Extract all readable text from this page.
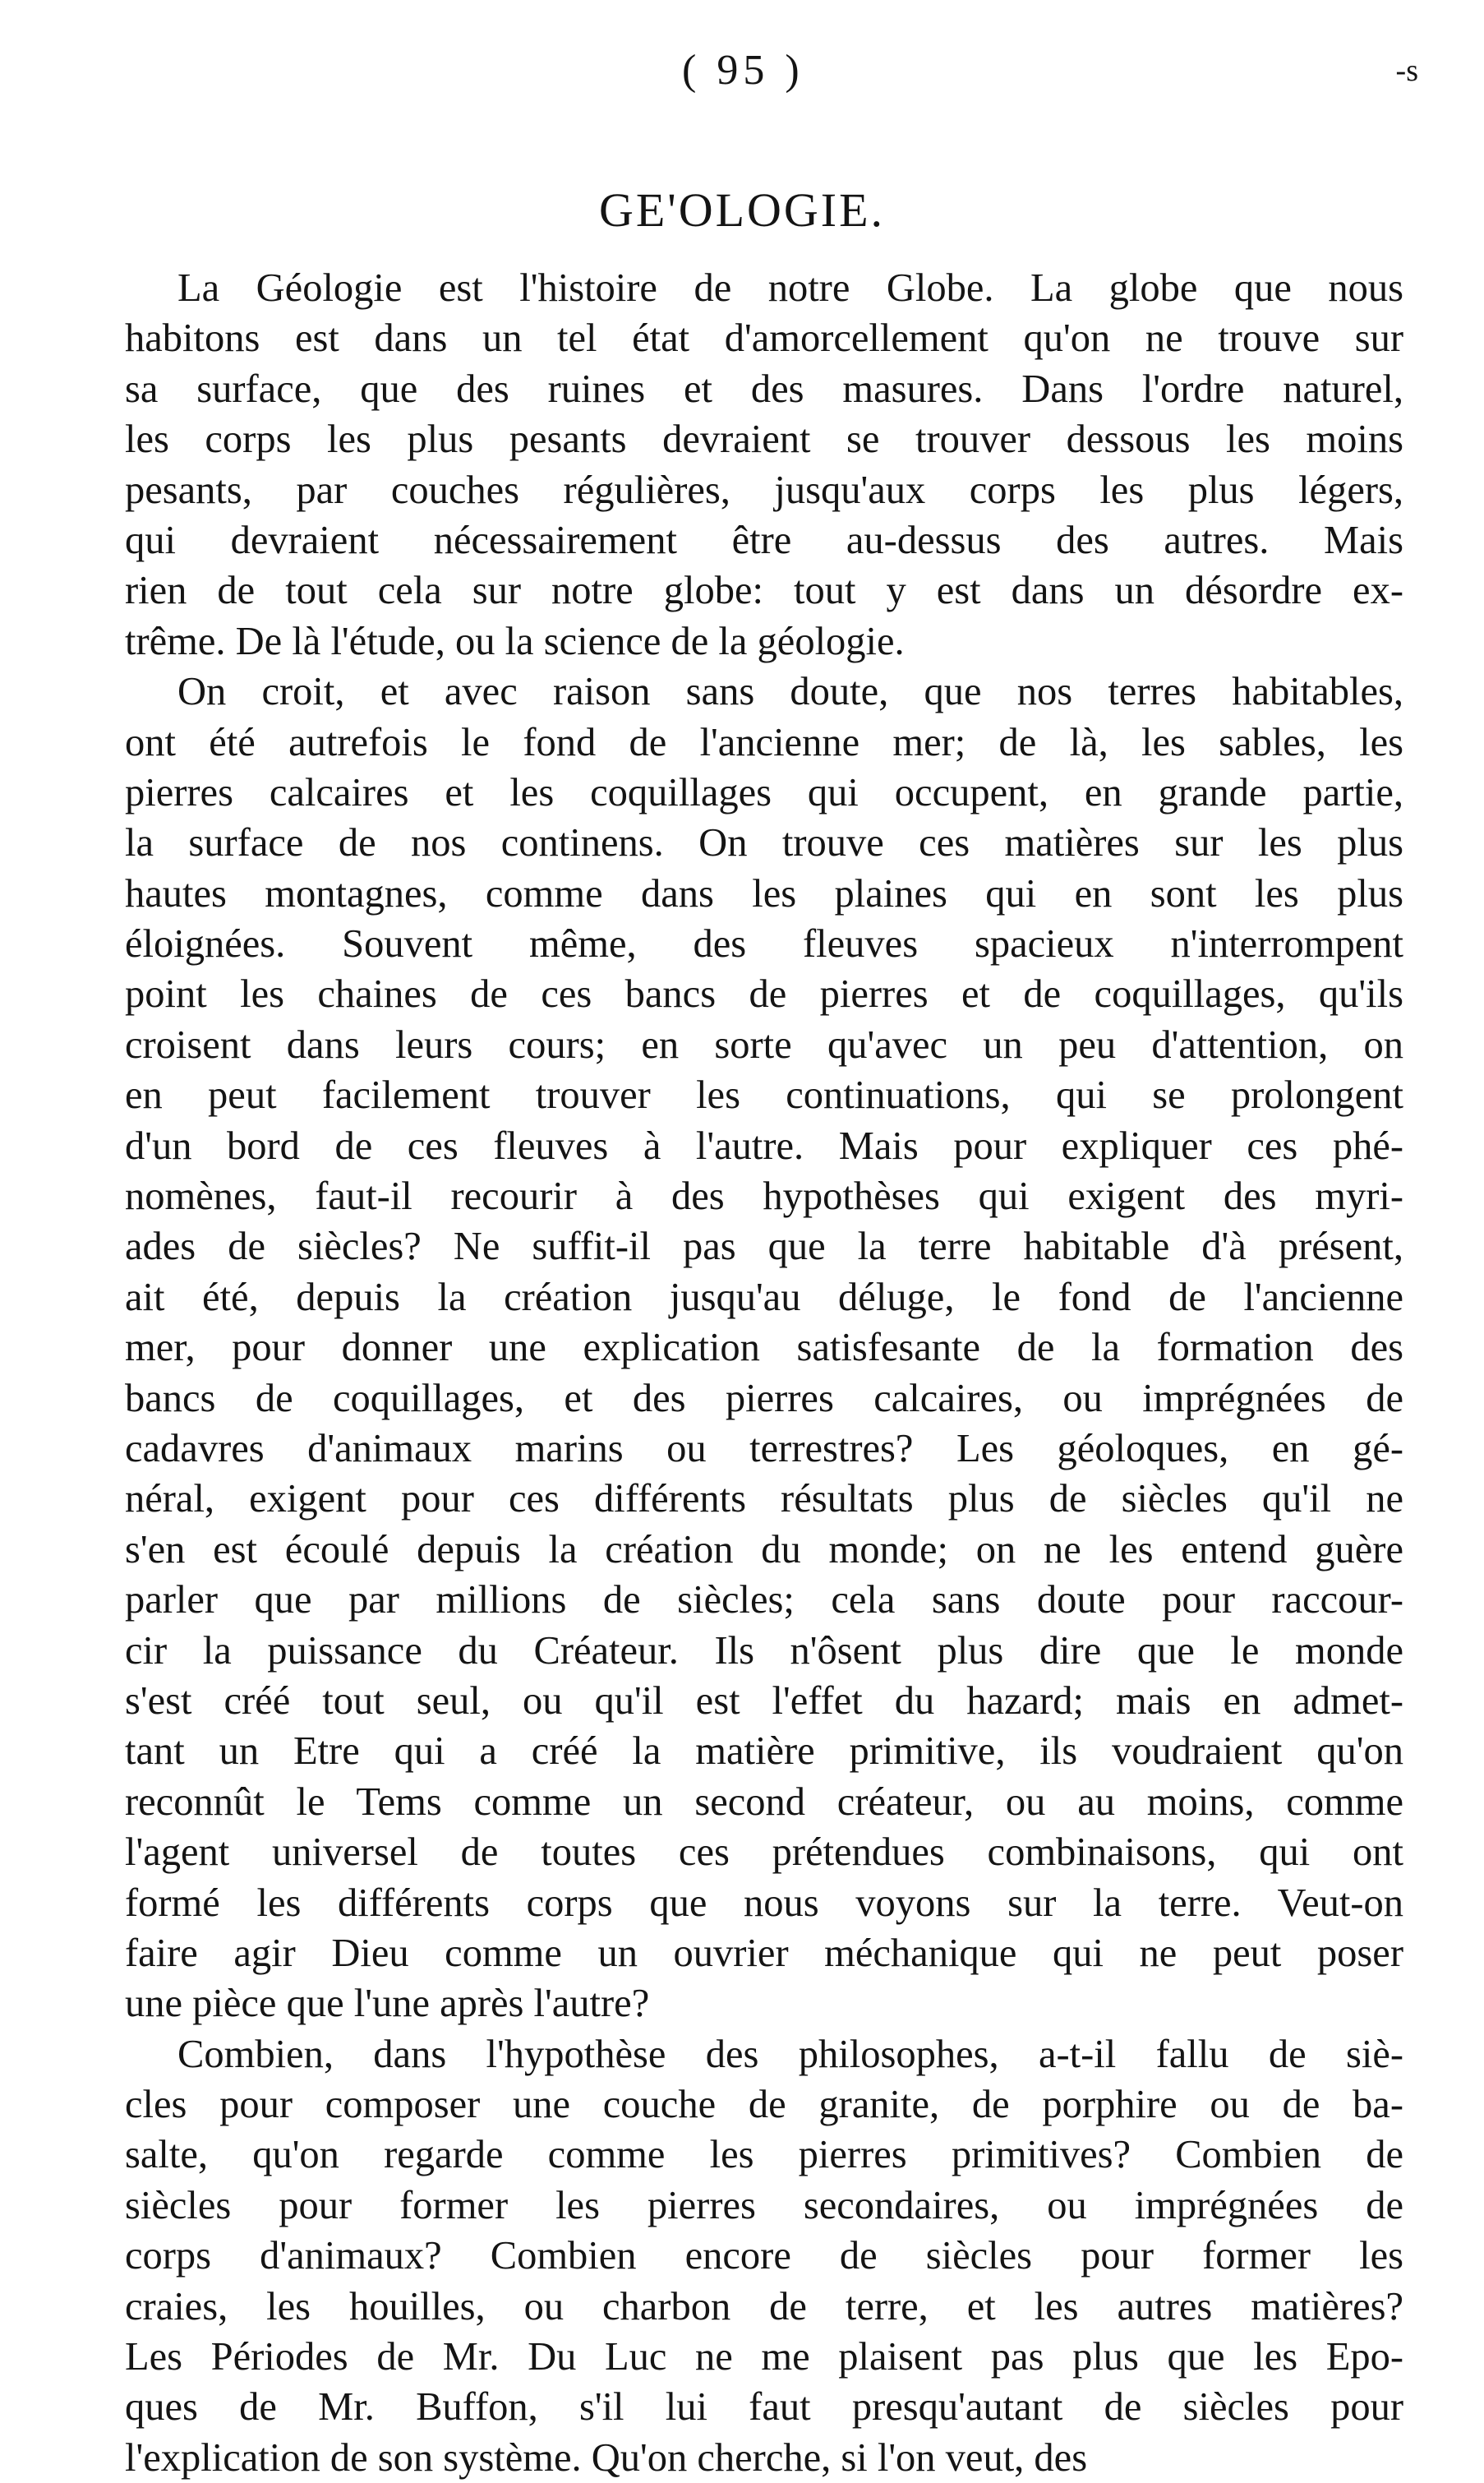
( 95 )	-s
GE'OLOGIE.
La Géologie est l'histoire de notre Globe. La globe que nous
habitons est dans un tel état d'amorcellement qu'on ne trouve sur
sa surface, que des ruines et des masures. Dans l'ordre naturel,
les corps les plus pesants devraient se trouver dessous les moins
pesants, par couches régulières, jusqu'aux corps les plus légers,
qui devraient nécessairement être au-dessus des autres. Mais
rien de tout cela sur notre globe: tout y est dans un désordre ex-
trême. De là l'étude, ou la science de la géologie.
On croit, et avec raison sans doute, que nos terres habitables,
ont été autrefois le fond de l'ancienne mer; de là, les sables, les
pierres calcaires et les coquillages qui occupent, en grande partie,
la surface de nos continens. On trouve ces matières sur les plus
hautes montagnes, comme dans les plaines qui en sont les plus
éloignées. Souvent même, des fleuves spacieux n'interrompent
point les chaines de ces bancs de pierres et de coquillages, qu'ils
croisent dans leurs cours; en sorte qu'avec un peu d'attention, on
en peut facilement trouver les continuations, qui se prolongent
d'un bord de ces fleuves à l'autre. Mais pour expliquer ces phé-
nomènes, faut-il recourir à des hypothèses qui exigent des myri-
ades de siècles? Ne suffit-il pas que la terre habitable d'à présent,
ait été, depuis la création jusqu'au déluge, le fond de l'ancienne
mer, pour donner une explication satisfesante de la formation des
bancs de coquillages, et des pierres calcaires, ou imprégnées de
cadavres d'animaux marins ou terrestres? Les géoloques, en gé-
néral, exigent pour ces différents résultats plus de siècles qu'il ne
s'en est écoulé depuis la création du monde; on ne les entend guère
parler que par millions de siècles; cela sans doute pour raccour-
cir la puissance du Créateur. Ils n'ôsent plus dire que le monde
s'est créé tout seul, ou qu'il est l'effet du hazard; mais en admet-
tant un Etre qui a créé la matière primitive, ils voudraient qu'on
reconnût le Tems comme un second créateur, ou au moins, comme
l'agent universel de toutes ces prétendues combinaisons, qui ont
formé les différents corps que nous voyons sur la terre. Veut-on
faire agir Dieu comme un ouvrier méchanique qui ne peut poser
une pièce que l'une après l'autre?
Combien, dans l'hypothèse des philosophes, a-t-il fallu de siè-
cles pour composer une couche de granite, de porphire ou de ba-
salte, qu'on regarde comme les pierres primitives? Combien de
siècles pour former les pierres secondaires, ou imprégnées de
corps d'animaux? Combien encore de siècles pour former les
craies, les houilles, ou charbon de terre, et les autres matières?
Les Périodes de Mr. Du Luc ne me plaisent pas plus que les Epo-
ques de Mr. Buffon, s'il lui faut presqu'autant de siècles pour
l'explication de son système. Qu'on cherche, si l'on veut, des
